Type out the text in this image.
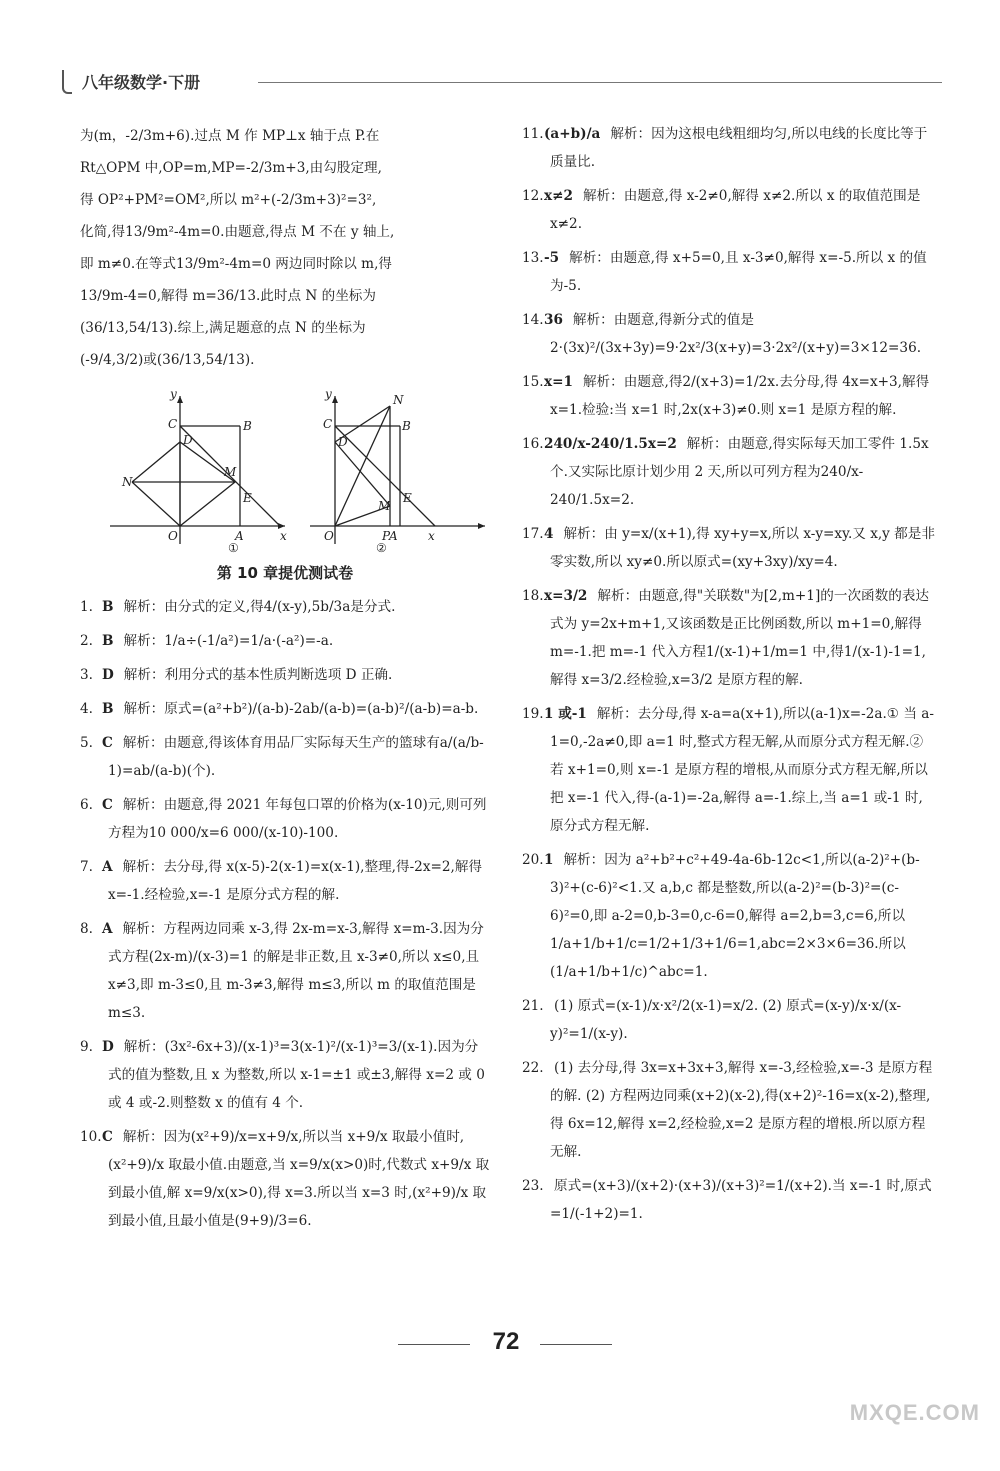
八年级数学·下册

为(m，-2/3m+6).过点 M 作 MP⊥x 轴于点 P.在

Rt△OPM 中,OP=m,MP=-2/3m+3,由勾股定理,

得 OP²+PM²=OM²,所以 m²+(-2/3m+3)²=3²,

化简,得13/9m²-4m=0.由题意,得点 M 不在 y 轴上,

即 m≠0.在等式13/9m²-4m=0 两边同时除以 m,得

13/9m-4=0,解得 m=36/13.此时点 N 的坐标为

(36/13,54/13).综上,满足题意的点 N 的坐标为

(-9/4,3/2)或(36/13,54/13).

C
D
B
N
M
E
O	A	x
y
①
C
D
N
B
M
E
O	PA	x
y
②
第 10 章提优测试卷

1. B 解析：由分式的定义,得4/(x-y),5b/3a是分式.

2. B 解析：1/a÷(-1/a²)=1/a·(-a²)=-a.

3. D 解析：利用分式的基本性质判断选项 D 正确.

4. B 解析：原式=(a²+b²)/(a-b)-2ab/(a-b)=(a-b)²/(a-b)=a-b.

5. C 解析：由题意,得该体育用品厂实际每天生产的篮球有a/(a/b-1)=ab/(a-b)(个).

6. C 解析：由题意,得 2021 年每包口罩的价格为(x-10)元,则可列方程为10 000/x=6 000/(x-10)-100.

7. A 解析：去分母,得 x(x-5)-2(x-1)=x(x-1),整理,得-2x=2,解得 x=-1.经检验,x=-1 是原分式方程的解.

8. A 解析：方程两边同乘 x-3,得 2x-m=x-3,解得 x=m-3.因为分式方程(2x-m)/(x-3)=1 的解是非正数,且 x-3≠0,所以 x≤0,且 x≠3,即 m-3≤0,且 m-3≠3,解得 m≤3,所以 m 的取值范围是 m≤3.

9. D 解析：(3x²-6x+3)/(x-1)³=3(x-1)²/(x-1)³=3/(x-1).因为分式的值为整数,且 x 为整数,所以 x-1=±1 或±3,解得 x=2 或 0 或 4 或-2.则整数 x 的值有 4 个.

10.C 解析：因为(x²+9)/x=x+9/x,所以当 x+9/x 取最小值时,(x²+9)/x 取最小值.由题意,当 x=9/x(x>0)时,代数式 x+9/x 取到最小值,解 x=9/x(x>0),得 x=3.所以当 x=3 时,(x²+9)/x 取到最小值,且最小值是(9+9)/3=6.

11.(a+b)/a 解析：因为这根电线粗细均匀,所以电线的长度比等于质量比.

12.x≠2 解析：由题意,得 x-2≠0,解得 x≠2.所以 x 的取值范围是 x≠2.

13.-5 解析：由题意,得 x+5=0,且 x-3≠0,解得 x=-5.所以 x 的值为-5.

14.36 解析：由题意,得新分式的值是2·(3x)²/(3x+3y)=9·2x²/3(x+y)=3·2x²/(x+y)=3×12=36.

15.x=1 解析：由题意,得2/(x+3)=1/2x.去分母,得 4x=x+3,解得 x=1.检验:当 x=1 时,2x(x+3)≠0.则 x=1 是原方程的解.

16.240/x-240/1.5x=2 解析：由题意,得实际每天加工零件 1.5x 个.又实际比原计划少用 2 天,所以可列方程为240/x-240/1.5x=2.

17.4 解析：由 y=x/(x+1),得 xy+y=x,所以 x-y=xy.又 x,y 都是非零实数,所以 xy≠0.所以原式=(xy+3xy)/xy=4.

18.x=3/2 解析：由题意,得"关联数"为[2,m+1]的一次函数的表达式为 y=2x+m+1,又该函数是正比例函数,所以 m+1=0,解得 m=-1.把 m=-1 代入方程1/(x-1)+1/m=1 中,得1/(x-1)-1=1,解得 x=3/2.经检验,x=3/2 是原方程的解.

19.1 或-1 解析：去分母,得 x-a=a(x+1),所以(a-1)x=-2a.① 当 a-1=0,-2a≠0,即 a=1 时,整式方程无解,从而原分式方程无解.② 若 x+1=0,则 x=-1 是原方程的增根,从而原分式方程无解,所以把 x=-1 代入,得-(a-1)=-2a,解得 a=-1.综上,当 a=1 或-1 时,原分式方程无解.

20.1 解析：因为 a²+b²+c²+49-4a-6b-12c<1,所以(a-2)²+(b-3)²+(c-6)²<1.又 a,b,c 都是整数,所以(a-2)²=(b-3)²=(c-6)²=0,即 a-2=0,b-3=0,c-6=0,解得 a=2,b=3,c=6,所以1/a+1/b+1/c=1/2+1/3+1/6=1,abc=2×3×6=36.所以(1/a+1/b+1/c)^abc=1.

21. (1) 原式=(x-1)/x·x²/2(x-1)=x/2. (2) 原式=(x-y)/x·x/(x-y)²=1/(x-y).

22. (1) 去分母,得 3x=x+3x+3,解得 x=-3,经检验,x=-3 是原方程的解. (2) 方程两边同乘(x+2)(x-2),得(x+2)²-16=x(x-2),整理,得 6x=12,解得 x=2,经检验,x=2 是原方程的增根.所以原方程无解.

23. 原式=(x+3)/(x+2)·(x+3)/(x+3)²=1/(x+2).当 x=-1 时,原式=1/(-1+2)=1.

72
MXQE.COM
